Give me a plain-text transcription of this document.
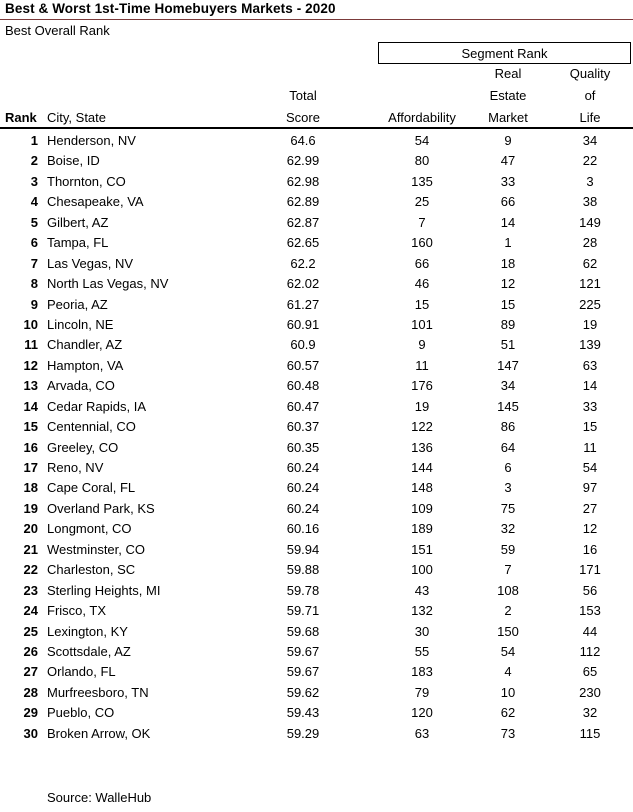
Best & Worst 1st-Time Homebuyers Markets - 2020
Best Overall Rank
Segment Rank
Rank City, State
Total
Score	Affordability
Real
Estate
Market
Quality
of
Life
1 Henderson, NV	64.6	54	9	34
2 Boise, ID	62.99	80	47	22
3 Thornton, CO	62.98	135	33	3
4 Chesapeake, VA	62.89	25	66	38
5 Gilbert, AZ	62.87	7	14	149
6 Tampa, FL	62.65	160	1	28
7 Las Vegas, NV	62.2	66	18	62
8 North Las Vegas, NV	62.02	46	12	121
9 Peoria, AZ	61.27	15	15	225
10 Lincoln, NE	60.91	101	89	19
11 Chandler, AZ	60.9	9	51	139
12 Hampton, VA	60.57	11	147	63
13 Arvada, CO	60.48	176	34	14
14 Cedar Rapids, IA	60.47	19	145	33
15 Centennial, CO	60.37	122	86	15
16 Greeley, CO	60.35	136	64	11
17 Reno, NV	60.24	144	6	54
18 Cape Coral, FL	60.24	148	3	97
19 Overland Park, KS	60.24	109	75	27
20 Longmont, CO	60.16	189	32	12
21 Westminster, CO	59.94	151	59	16
22 Charleston, SC	59.88	100	7	171
23 Sterling Heights, MI	59.78	43	108	56
24 Frisco, TX	59.71	132	2	153
25 Lexington, KY	59.68	30	150	44
26 Scottsdale, AZ	59.67	55	54	112
27 Orlando, FL	59.67	183	4	65
28 Murfreesboro, TN	59.62	79	10	230
29 Pueblo, CO	59.43	120	62	32
30 Broken Arrow, OK	59.29	63	73	115
Source: WalleHub
